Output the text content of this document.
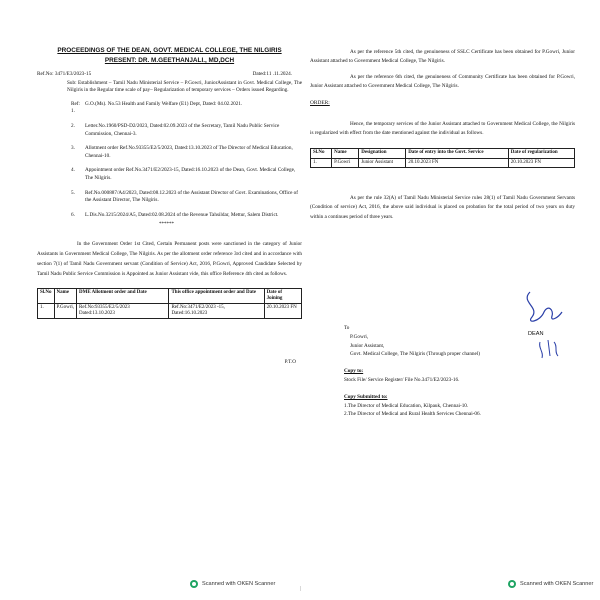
PROCEEDINGS OF THE DEAN, GOVT. MEDICAL COLLEGE, THE NILGIRIS
PRESENT: DR. M.GEETHANJALI., MD,DCH
Ref.No: 3471/E3/2023-15	Dated:11 .11.2024.

Sub: Establishment – Tamil Nadu Ministerial Service – P.Gowri, JuniorAssistant in Govt. Medical College, The Nilgiris in the Regular time scale of pay– Regularization of temporary services – Orders issued Regarding.

Ref: 1.
G.O.(Ms). No.53 Health and Family Welfare (E1) Dept, Dated: 04.02.2021.
2.	Letter.No.1960/PSD-D2/2023, Dated:02.09.2023 of the Secretary, Tamil Nadu Public Service Commission, Chennai-3.
3.	Allotment order Ref.No.93355/E2/5/2023, Dated:13.10.2023 of The Director of Medical Education, Chennai-10.
4.	Appointment order Ref.No.3471/E2/2023-15, Dated:16.10.2023 of the Dean, Govt. Medical College, The Nilgiris.
5.	Ref.No.000887/A4/2023, Dated:08.12.2023 of the Assistant Director of Govt. Examinations, Office of the Assistant Director, The Nilgiris.
6.	L.Dis.No.3215/2024/A5, Dated:02.08.2024 of the Revenue Tahsildar, Mettur, Salem District.
******

In the Government Order 1st Cited, Certain Permanent posts were sanctioned in the category of Junior Assistants in Government Medical College, The Nilgiris. As per the allotment order reference 3rd cited and in accordance with section 7(1) of Tamil Nadu Government servant (Condition of Service) Act, 2016, P.Gowri, Approved Candidate Selected by Tamil Nadu Public Service Commission is Appointed as Junior Assistant vide, this office Reference 4th cited as follows.

Sl.No	Name	DME Allotment order and Date	This office appointment order and Date	Date of Joining
1.	P.Gowri,	Ref.No:93355/E2/5/2023 Dated:13.10.2023	Ref.No:3471/E2/2023 -15, Dated:16.10.2023	20.10.2023 FN
P.T.O

As per the reference 5th cited, the genuineness of SSLC Certificate has been obtained for P.Gowri, Junior Assistant attached to Government Medical College, The Nilgiris.

As per the reference 6th cited, the genuineness of Community Certificate has been obtained for P.Gowri, Junior Assistant attached to Government Medical College, The Nilgiris.

ORDER:

Hence, the temporary services of the Junior Assistant attached to Government Medical College, the Nilgiris is regularized with effect from the date mentioned against the individual as follows.

Sl.No	Name	Designation	Date of entry into the Govt. Service	Date of regularization
1.	P.Gowri	Junior Assistant	20.10.2023 FN	20.10.2023 FN

As per the rule 32(A) of Tamil Nadu Ministerial Service rules 28(1) of Tamil Nadu Government Servants (Condition of service) Act, 2016, the above said individual is placed on probation for the total period of two years on duty within a continues period of three years.

DEAN
To
P.Gowri,
Junior Assistant,
Govt. Medical College, The Nilgiris (Through proper channel)
Copy to:
Stock File/ Service Register/ File No.3471/E2/2023-16.
Copy Submitted to:
1.The Director of Medical Education, Kilpauk, Chennai-10.
2.The Director of Medical and Rural Health Services Chennai-06.
Scanned with OKEN Scanner	Scanned with OKEN Scanner
